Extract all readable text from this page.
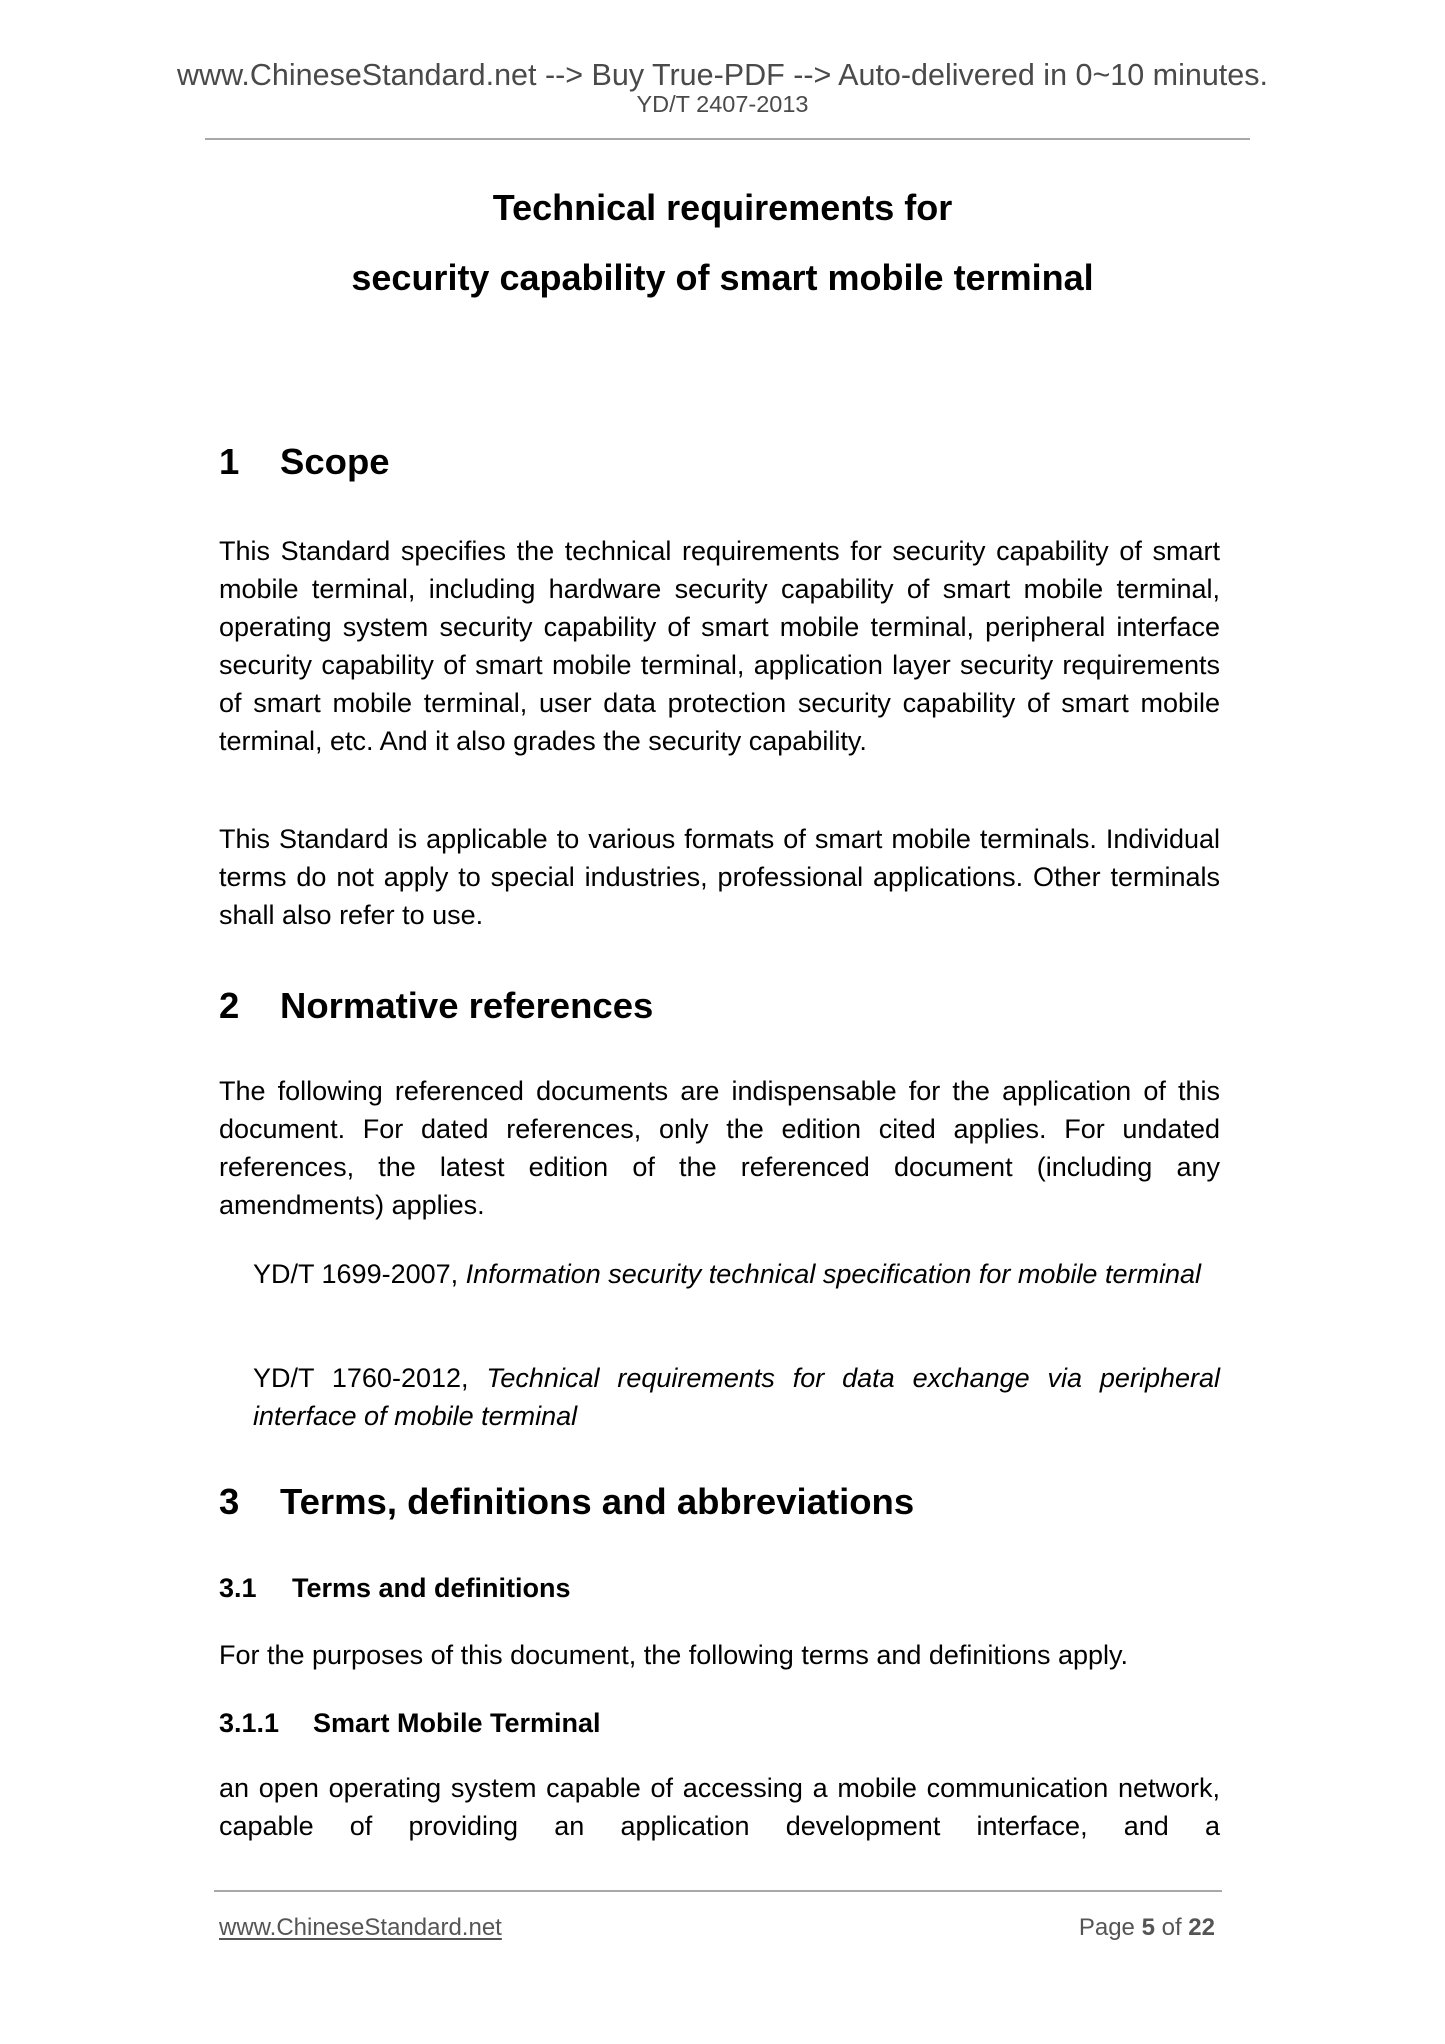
www.ChineseStandard.net --> Buy True-PDF --> Auto-delivered in 0~10 minutes.
YD/T 2407-2013
Technical requirements for
security capability of smart mobile terminal
1 Scope

This Standard specifies the technical requirements for security capability of smart mobile terminal, including hardware security capability of smart mobile terminal, operating system security capability of smart mobile terminal, peripheral interface security capability of smart mobile terminal, application layer security requirements of smart mobile terminal, user data protection security capability of smart mobile terminal, etc. And it also grades the security capability.

This Standard is applicable to various formats of smart mobile terminals. Individual terms do not apply to special industries, professional applications. Other terminals shall also refer to use.

2 Normative references

The following referenced documents are indispensable for the application of this document. For dated references, only the edition cited applies. For undated references, the latest edition of the referenced document (including any amendments) applies.

YD/T 1699-2007, Information security technical specification for mobile terminal

YD/T 1760-2012, Technical requirements for data exchange via peripheral interface of mobile terminal

3 Terms, definitions and abbreviations
3.1 Terms and definitions

For the purposes of this document, the following terms and definitions apply.

3.1.1 Smart Mobile Terminal

an open operating system capable of accessing a mobile communication network, capable of providing an application development interface, and a

www.ChineseStandard.net	Page 5 of 22
